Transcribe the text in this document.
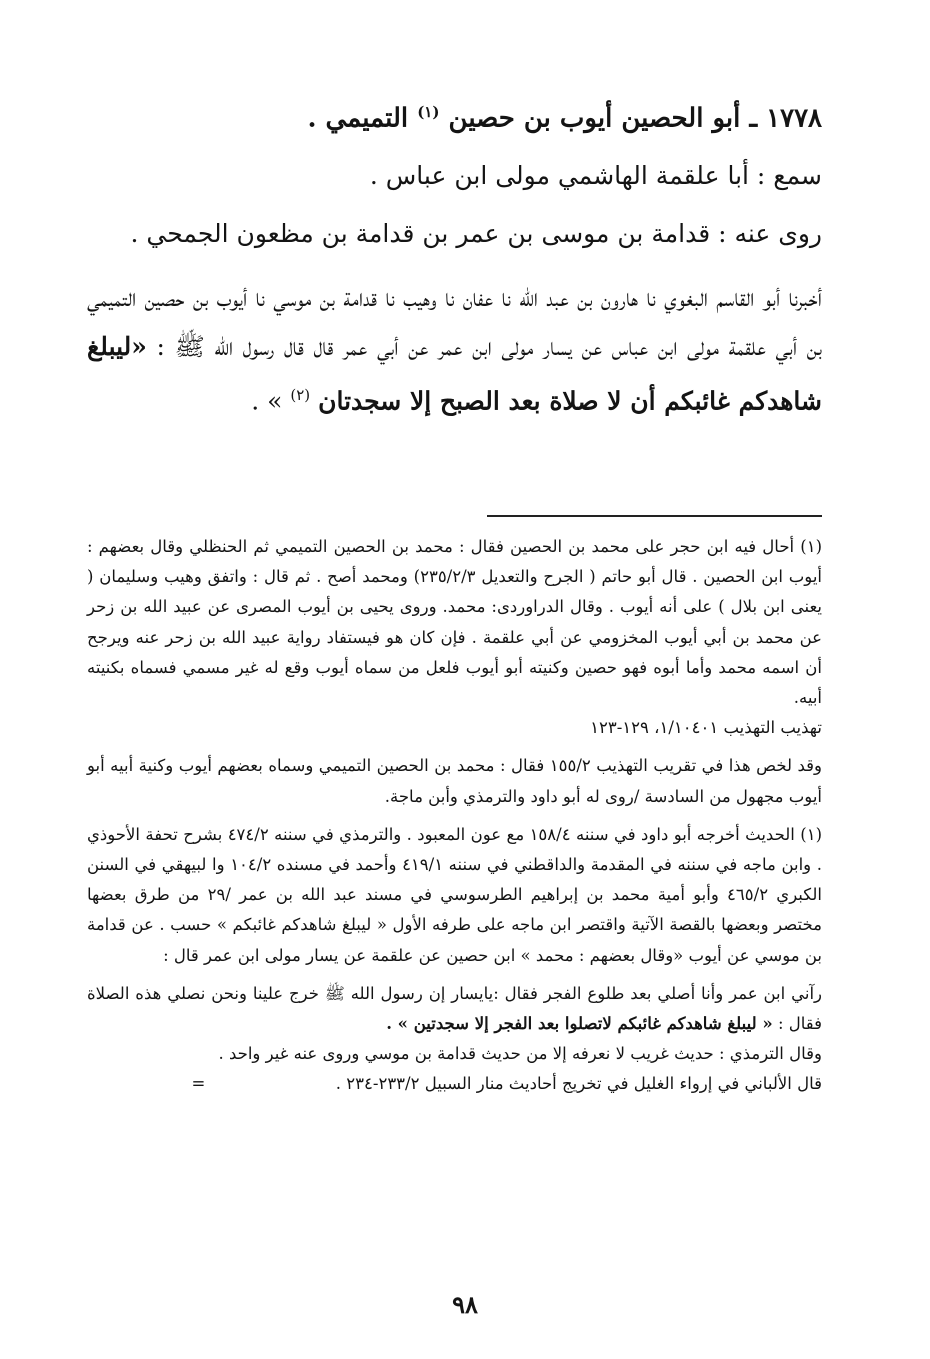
١٧٧٨ ـ أبو الحصين أيوب بن حصين $^{(١)}$ التميمي .

سمع : أبا علقمة الهاشمي مولى ابن عباس .

روى عنه : قدامة بن موسى بن عمر بن قدامة بن مظعون الجمحي .

أخبرنا أبو القاسم البغوي نا هارون بن عبد الله نا عفان نا وهيب نا قدامة بن موسي نا أيوب بن حصين التميمي بن أبي علقمة مولى ابن عباس عن يسار مولى ابن عمر عن أبي عمر قال قال رسول الله ﷺ : «ليبلغ شاهدكم غائبكم أن لا صلاة بعد الصبح إلا سجدتان $^{(٢)}$ » .

(١) أحال فيه ابن حجر على محمد بن الحصين فقال : محمد بن الحصين التميمي ثم الحنظلي وقال بعضهم : أيوب ابن الحصين . قال أبو حاتم ( الجرح والتعديل ٢٣٥/٢/٣) ومحمد أصح . ثم قال : واتفق وهيب وسليمان ( يعنى ابن بلال ) على أنه أيوب . وقال الدراوردى: محمد. وروى يحيى بن أيوب المصرى عن عبيد الله بن زحر عن محمد بن أبي أيوب المخزومي عن أبي علقمة . فإن كان هو فيستفاد رواية عبيد الله بن زحر عنه ويرجح أن اسمه محمد وأما أبوه فهو حصين وكنيته أبو أيوب فلعل من سماه أيوب وقع له غير مسمي فسماه بكنيته أبيه.

تهذيب التهذيب ١/١٠٤٠١، ١٢٩-١٢٣

وقد لخص هذا في تقريب التهذيب ١٥٥/٢ فقال : محمد بن الحصين التميمي وسماه بعضهم أيوب وكنية أبيه أبو أيوب مجهول من السادسة /روى له أبو داود والترمذي وأبن ماجة.

(١) الحديث أخرجه أبو داود في سننه ١٥٨/٤ مع عون المعبود . والترمذي في سننه ٤٧٤/٢ بشرح تحفة الأحوذي . وابن ماجه في سننه في المقدمة والداقطني في سننه ٤١٩/١ وأحمد في مسنده ١٠٤/٢ وا لبيهقي في السنن الكبري ٤٦٥/٢ وأبو أمية محمد بن إبراهيم الطرسوسي في مسند عبد الله بن عمر /٢٩ من طرق بعضها مختصر وبعضها بالقصة الآتية واقتصر ابن ماجه على طرفه الأول « ليبلغ شاهدكم غائبكم » حسب . عن قدامة بن موسي عن أيوب «وقال بعضهم : محمد » ابن حصين عن علقمة عن يسار مولى ابن عمر قال :

رآني ابن عمر وأنا أصلي بعد طلوع الفجر فقال :يايسار إن رسول الله ﷺ خرج علينا ونحن نصلي هذه الصلاة فقال : « ليبلغ شاهدكم غائبكم لاتصلوا بعد الفجر إلا سجدتين » .

وقال الترمذي : حديث غريب لا نعرفه إلا من حديث قدامة بن موسي وروى عنه غير واحد .

قال الألباني في إرواء الغليل في تخريج أحاديث منار السبيل ٢٣٣/٢-٢٣٤ .  =

٩٨
